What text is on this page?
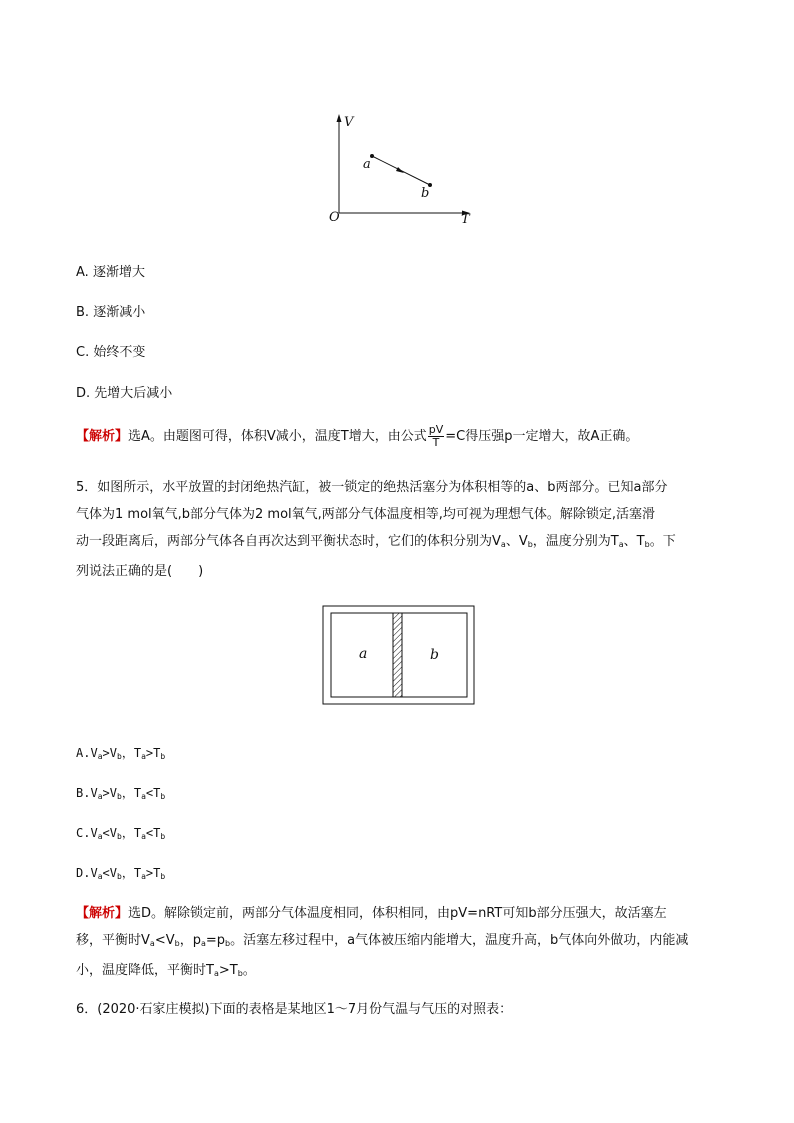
V
T
O
a
b
A. 逐渐增大
B. 逐渐减小
C. 始终不变
D. 先增大后减小
【解析】选A。由题图可得，体积V减小，温度T增大，由公式 $\frac{pV}{T} =C$得压强p一定增大，故A正确。
5．如图所示，水平放置的封闭绝热汽缸，被一锁定的绝热活塞分为体积相等的a、b两部分。已知a部分
气体为1 mol氧气,b部分气体为2 mol氧气,两部分气体温度相等,均可视为理想气体。解除锁定,活塞滑
动一段距离后，两部分气体各自再次达到平衡状态时，它们的体积分别为$V_a$、$V_b$，温度分别为$T_a$、$T_b$。下
列说法正确的是(　　)
a	b
$A.V_a>V_b$，$T_a>T_b$
$B.V_a>V_b$，$T_a<T_b$
$C.V_a<V_b$，$T_a<T_b$
$D.V_a<V_b$，$T_a>T_b$
【解析】选D。解除锁定前，两部分气体温度相同，体积相同，由pV=nRT可知b部分压强大，故活塞左
移，平衡时$V_a<V_b$，$p_a=p_b$。活塞左移过程中，a气体被压缩内能增大，温度升高，b气体向外做功，内能减
小，温度降低，平衡时$T_a>T_b$。
6．(2020·石家庄模拟)下面的表格是某地区1～7月份气温与气压的对照表：
